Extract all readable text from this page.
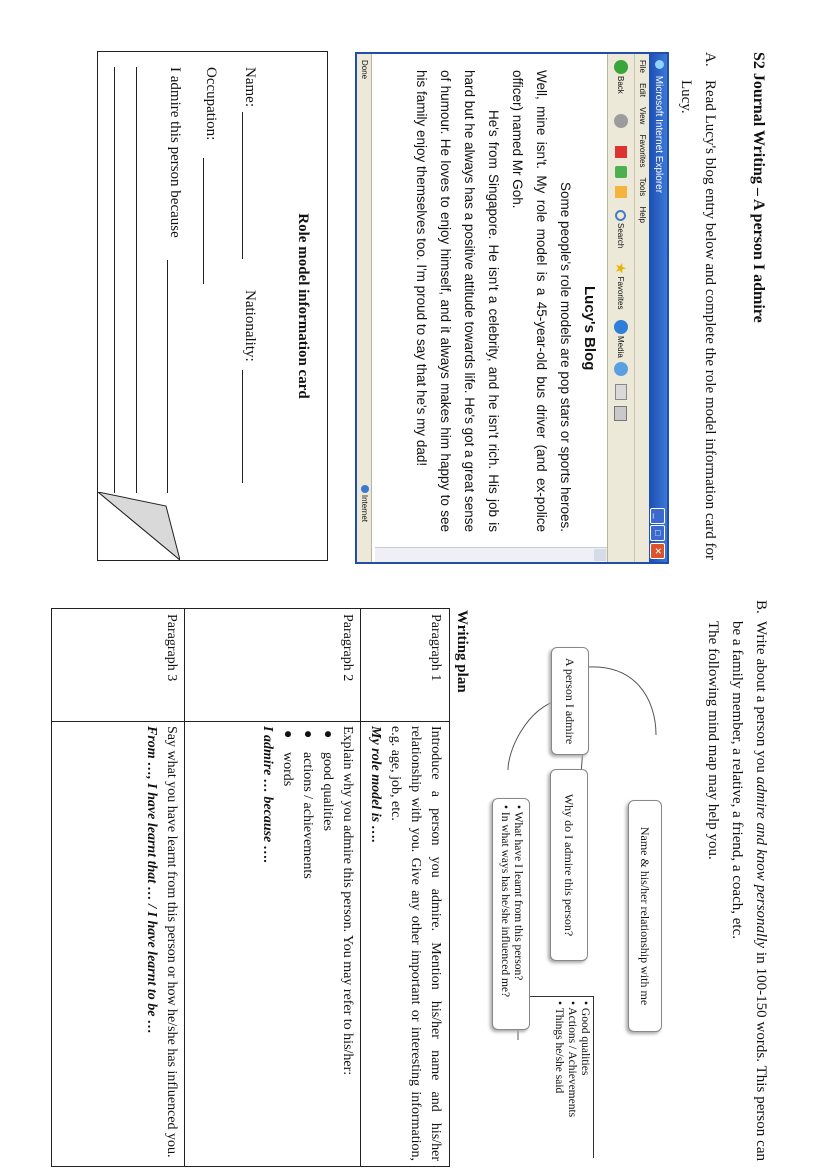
S2 Journal Writing – A person I admire
A.
Read Lucy's blog entry below and complete the role model information card for Lucy.
Microsoft Internet Explorer
_
□
✕
File Edit View Favorites Tools Help
Back
Search
★
Favorites
Media
Lucy's Blog
Some people's role models are pop stars or sports heroes. Well, mine isn't. My role model is a 45-year-old bus driver (and ex-police officer) named Mr Goh.
He's from Singapore. He isn't a celebrity, and he isn't rich. His job is hard but he always has a positive attitude towards life. He's got a great sense of humour. He loves to enjoy himself, and it always makes him happy to see his family enjoy themselves too. I'm proud to say that he's my dad!
Done
Internet
Role model information card
Name:
Nationality:
Occupation:
I admire this person because
B.
Write about a person you admire and know personally in 100-150 words. This person can be a family member, a relative, a friend, a coach, etc.
The following mind map may help you.
A person I admire
Name & his/her relationship with me
Why do I admire this person?
• Good qualities
• Actions / Achievements
• Things he/she said
• What have I learnt from this person?
• In what ways has he/she influenced me?
Writing plan
Paragraph 1
Introduce a person you admire. Mention his/her name and his/her relationship with you. Give any other important or interesting information, e.g. age, job, etc.
My role model is ….
Paragraph 2
Explain why you admire this person. You may refer to his/her:
●good qualities
●actions / achievements
●words
I admire … because ….
Paragraph 3
Say what you have learnt from this person or how he/she has influenced you.
From …, I have learnt that … / I have learnt to be …
